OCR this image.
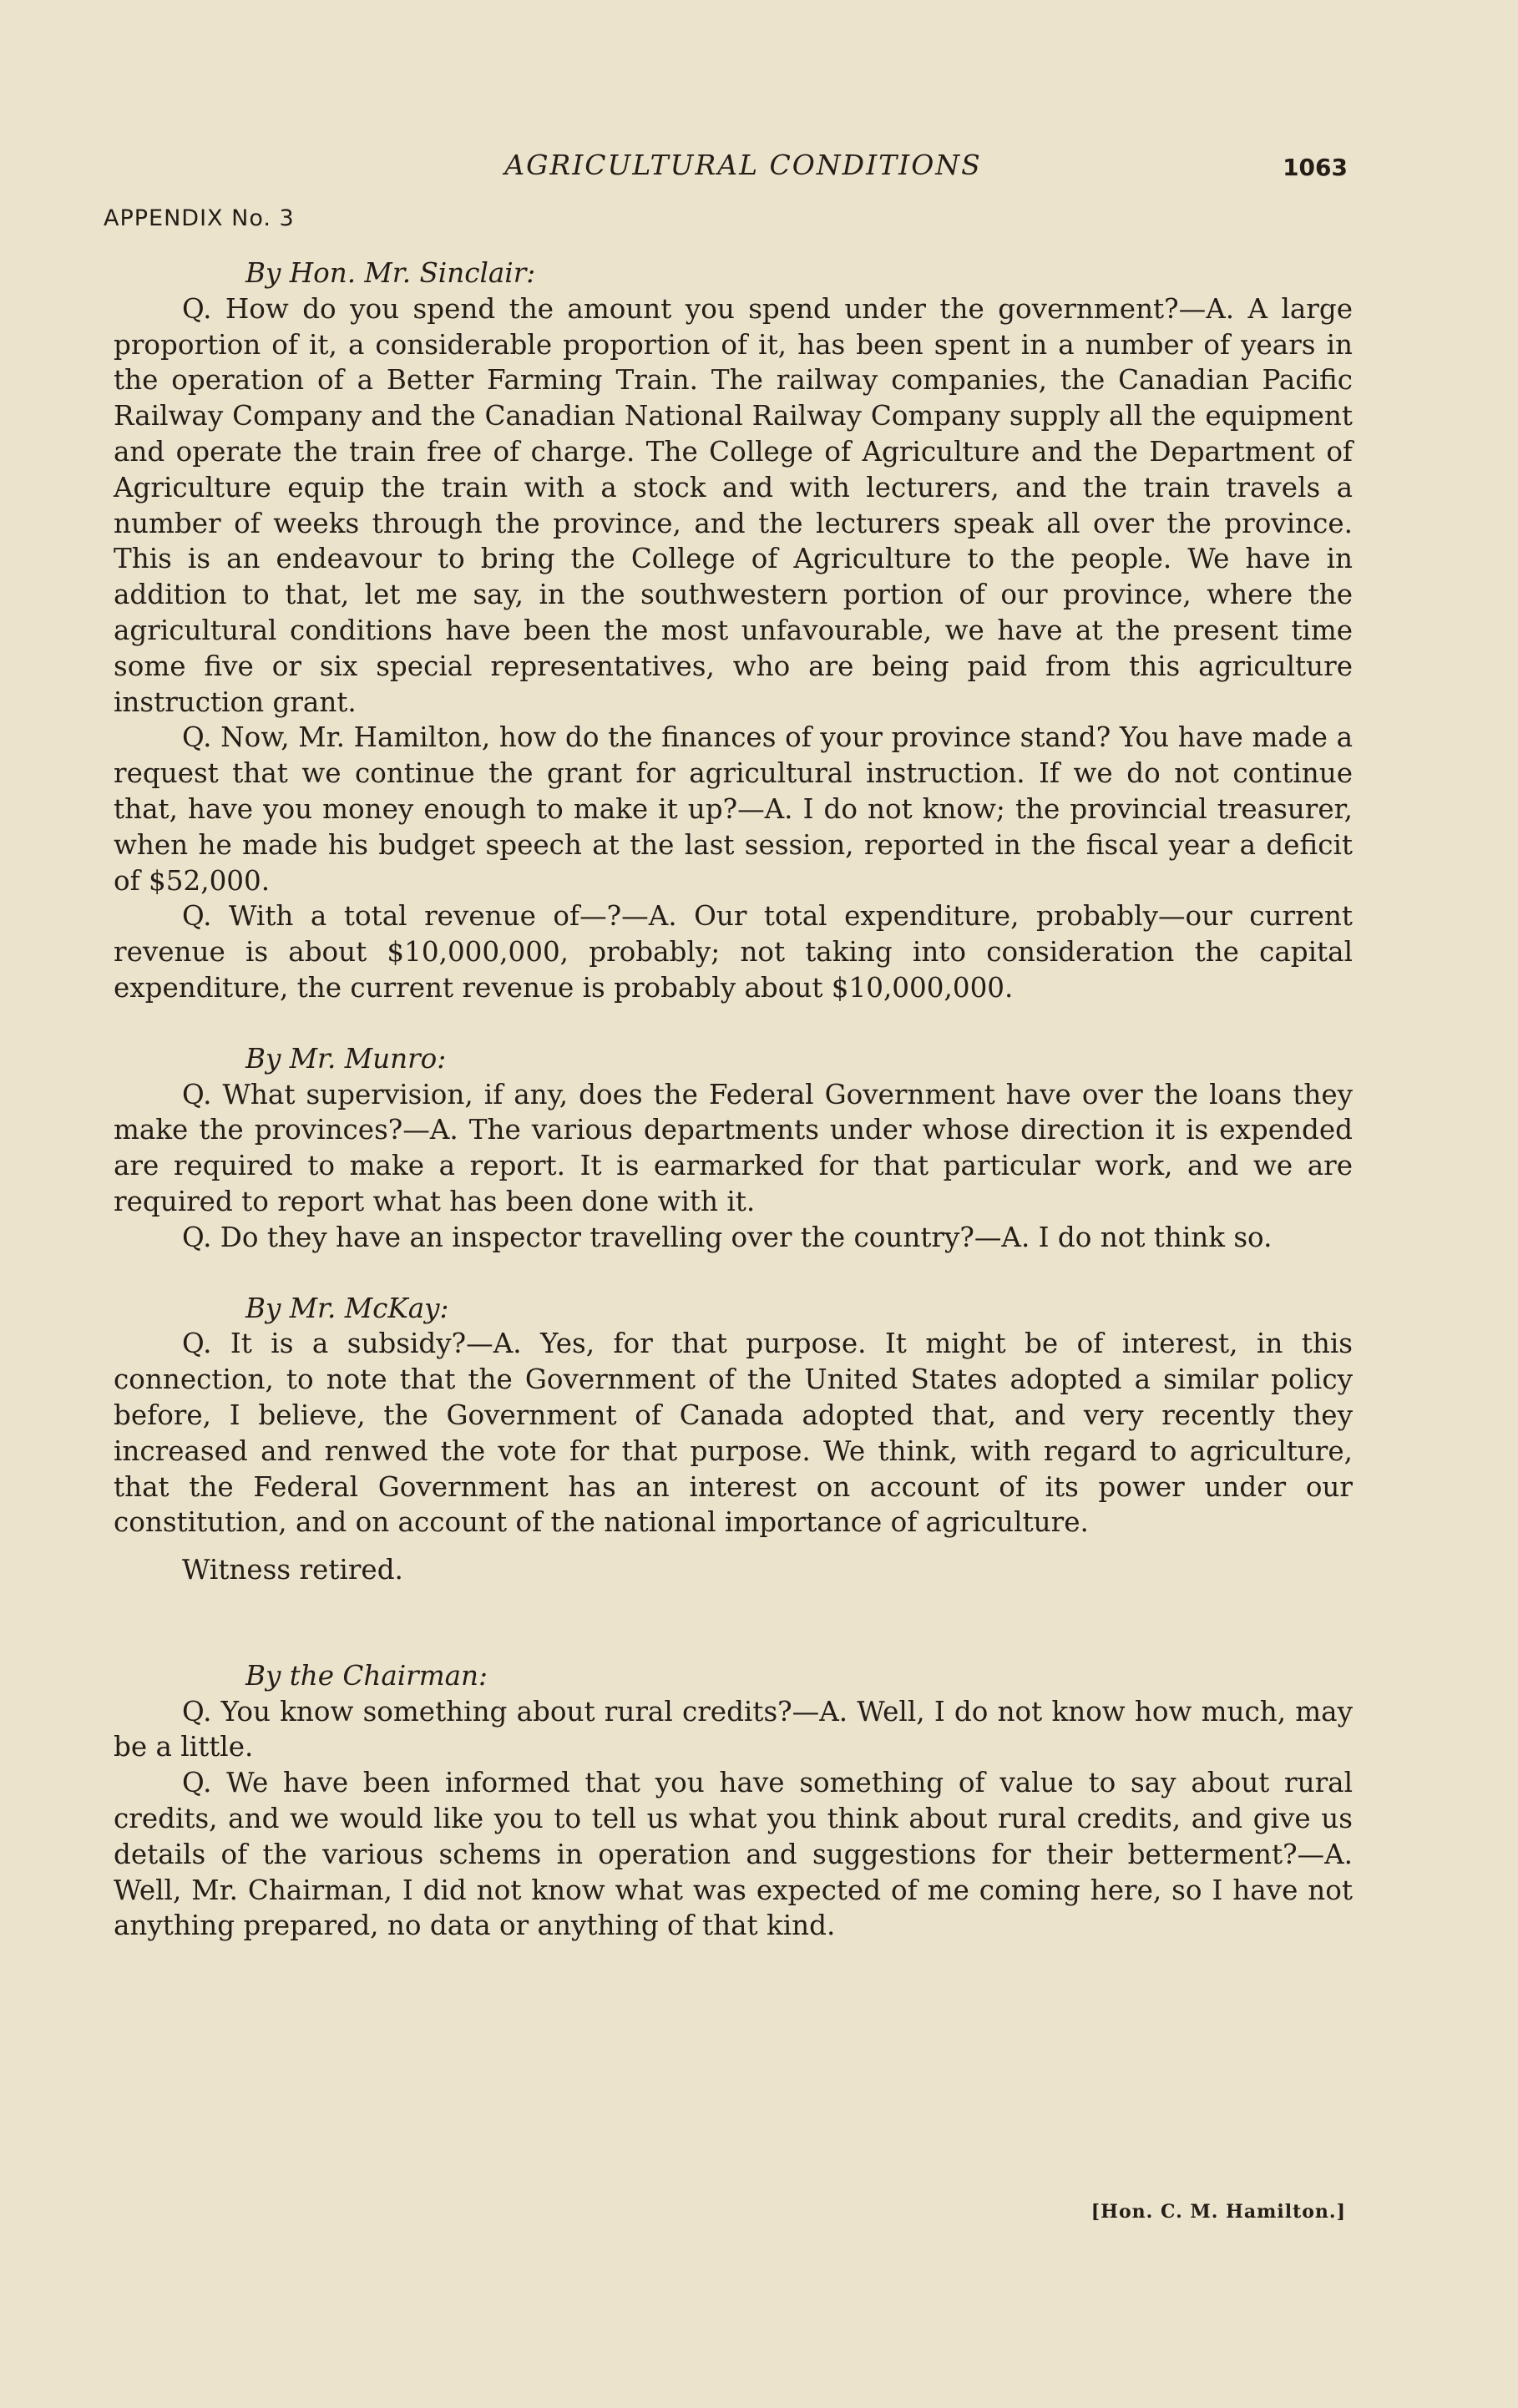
AGRICULTURAL CONDITIONS	1063
APPENDIX No. 3

By Hon. Mr. Sinclair:

Q. How do you spend the amount you spend under the government?—A. A large proportion of it, a considerable proportion of it, has been spent in a number of years in the operation of a Better Farming Train. The railway companies, the Canadian Pacific Railway Company and the Canadian National Railway Company supply all the equipment and operate the train free of charge. The College of Agriculture and the Department of Agriculture equip the train with a stock and with lecturers, and the train travels a number of weeks through the province, and the lecturers speak all over the province. This is an endeavour to bring the College of Agriculture to the people. We have in addition to that, let me say, in the southwestern portion of our province, where the agricultural conditions have been the most unfavourable, we have at the present time some five or six special representatives, who are being paid from this agriculture instruction grant.

Q. Now, Mr. Hamilton, how do the finances of your province stand? You have made a request that we continue the grant for agricultural instruction. If we do not continue that, have you money enough to make it up?—A. I do not know; the provincial treasurer, when he made his budget speech at the last session, reported in the fiscal year a deficit of $52,000.

Q. With a total revenue of—?—A. Our total expenditure, probably—our current revenue is about $10,000,000, probably; not taking into consideration the capital expenditure, the current revenue is probably about $10,000,000.

By Mr. Munro:

Q. What supervision, if any, does the Federal Government have over the loans they make the provinces?—A. The various departments under whose direction it is expended are required to make a report. It is earmarked for that particular work, and we are required to report what has been done with it.

Q. Do they have an inspector travelling over the country?—A. I do not think so.

By Mr. McKay:

Q. It is a subsidy?—A. Yes, for that purpose. It might be of interest, in this connection, to note that the Government of the United States adopted a similar policy before, I believe, the Government of Canada adopted that, and very recently they increased and renwed the vote for that purpose. We think, with regard to agriculture, that the Federal Government has an interest on account of its power under our constitution, and on account of the national importance of agriculture.

Witness retired.

By the Chairman:

Q. You know something about rural credits?—A. Well, I do not know how much, may be a little.

Q. We have been informed that you have something of value to say about rural credits, and we would like you to tell us what you think about rural credits, and give us details of the various schems in operation and suggestions for their betterment?—A. Well, Mr. Chairman, I did not know what was expected of me coming here, so I have not anything prepared, no data or anything of that kind.

[Hon. C. M. Hamilton.]
